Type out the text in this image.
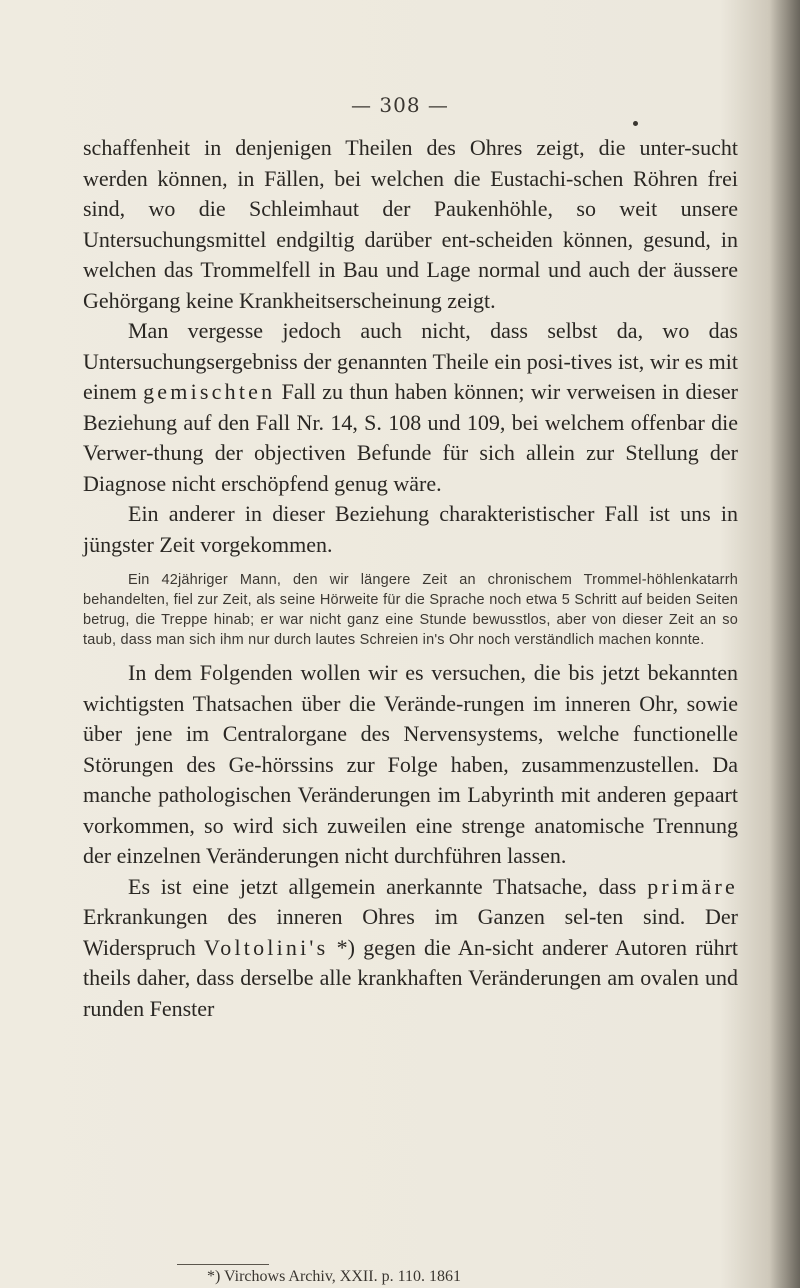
— 308 —

schaffenheit in denjenigen Theilen des Ohres zeigt, die unter-sucht werden können, in Fällen, bei welchen die Eustachi-schen Röhren frei sind, wo die Schleimhaut der Paukenhöhle, so weit unsere Untersuchungsmittel endgiltig darüber ent-scheiden können, gesund, in welchen das Trommelfell in Bau und Lage normal und auch der äussere Gehörgang keine Krankheitserscheinung zeigt.

Man vergesse jedoch auch nicht, dass selbst da, wo das Untersuchungsergebniss der genannten Theile ein posi-tives ist, wir es mit einem gemischten Fall zu thun haben können; wir verweisen in dieser Beziehung auf den Fall Nr. 14, S. 108 und 109, bei welchem offenbar die Verwer-thung der objectiven Befunde für sich allein zur Stellung der Diagnose nicht erschöpfend genug wäre.

Ein anderer in dieser Beziehung charakteristischer Fall ist uns in jüngster Zeit vorgekommen.

Ein 42jähriger Mann, den wir längere Zeit an chronischem Trommel-höhlenkatarrh behandelten, fiel zur Zeit, als seine Hörweite für die Sprache noch etwa 5 Schritt auf beiden Seiten betrug, die Treppe hinab; er war nicht ganz eine Stunde bewusstlos, aber von dieser Zeit an so taub, dass man sich ihm nur durch lautes Schreien in's Ohr noch verständlich machen konnte.

In dem Folgenden wollen wir es versuchen, die bis jetzt bekannten wichtigsten Thatsachen über die Verände-rungen im inneren Ohr, sowie über jene im Centralorgane des Nervensystems, welche functionelle Störungen des Ge-hörssins zur Folge haben, zusammenzustellen. Da manche pathologischen Veränderungen im Labyrinth mit anderen gepaart vorkommen, so wird sich zuweilen eine strenge anatomische Trennung der einzelnen Veränderungen nicht durchführen lassen.

Es ist eine jetzt allgemein anerkannte Thatsache, dass primäre Erkrankungen des inneren Ohres im Ganzen sel-ten sind. Der Widerspruch Voltolini's *) gegen die An-sicht anderer Autoren rührt theils daher, dass derselbe alle krankhaften Veränderungen am ovalen und runden Fenster

*) Virchows Archiv, XXII. p. 110. 1861
